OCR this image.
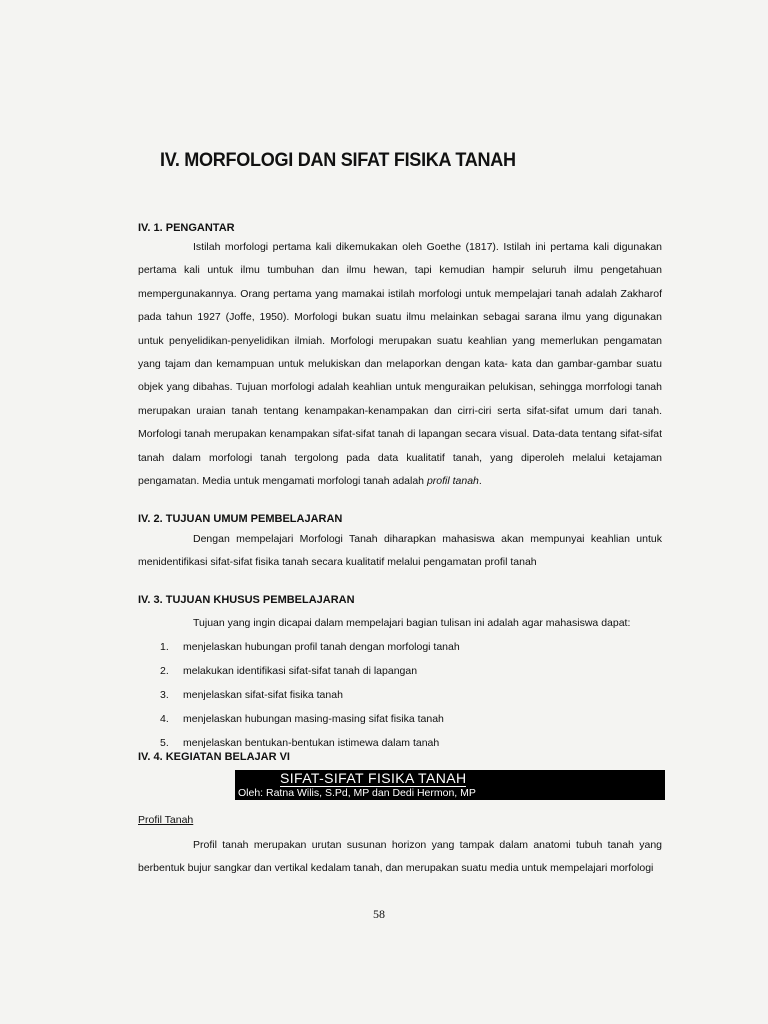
IV. MORFOLOGI DAN SIFAT FISIKA TANAH
IV. 1. PENGANTAR

Istilah morfologi pertama kali dikemukakan oleh Goethe (1817). Istilah ini pertama kali digunakan pertama kali untuk ilmu tumbuhan dan ilmu hewan, tapi kemudian hampir seluruh ilmu pengetahuan mempergunakannya. Orang pertama yang mamakai istilah morfologi untuk mempelajari tanah adalah Zakharof pada tahun 1927 (Joffe, 1950). Morfologi bukan suatu ilmu melainkan sebagai sarana ilmu yang digunakan untuk penyelidikan-penyelidikan ilmiah. Morfologi merupakan suatu keahlian yang memerlukan pengamatan yang tajam dan kemampuan untuk melukiskan dan melaporkan dengan kata- kata dan gambar-gambar suatu objek yang dibahas. Tujuan morfologi adalah keahlian untuk menguraikan pelukisan, sehingga morrfologi tanah merupakan uraian tanah tentang kenampakan-kenampakan dan cirri-ciri serta sifat-sifat umum dari tanah. Morfologi tanah merupakan kenampakan sifat-sifat tanah di lapangan secara visual. Data-data tentang sifat-sifat tanah dalam morfologi tanah tergolong pada data kualitatif tanah, yang diperoleh melalui ketajaman pengamatan. Media untuk mengamati morfologi tanah adalah profil tanah.

IV. 2. TUJUAN UMUM PEMBELAJARAN

Dengan mempelajari Morfologi Tanah diharapkan mahasiswa akan mempunyai keahlian untuk menidentifikasi sifat-sifat fisika tanah secara kualitatif melalui pengamatan profil tanah

IV. 3. TUJUAN KHUSUS PEMBELAJARAN

Tujuan yang ingin dicapai dalam mempelajari bagian tulisan ini adalah agar mahasiswa dapat:

1. menjelaskan hubungan profil tanah dengan morfologi tanah
2. melakukan identifikasi sifat-sifat tanah di lapangan
3. menjelaskan sifat-sifat fisika tanah
4. menjelaskan hubungan masing-masing sifat fisika tanah
5. menjelaskan bentukan-bentukan istimewa dalam tanah
IV. 4. KEGIATAN BELAJAR VI
SIFAT-SIFAT FISIKA TANAH
Oleh: Ratna Wilis, S.Pd, MP dan Dedi Hermon, MP

Profil Tanah

Profil tanah merupakan urutan susunan horizon yang tampak dalam anatomi tubuh tanah yang berbentuk bujur sangkar dan vertikal kedalam tanah, dan merupakan suatu media untuk mempelajari morfologi

58
